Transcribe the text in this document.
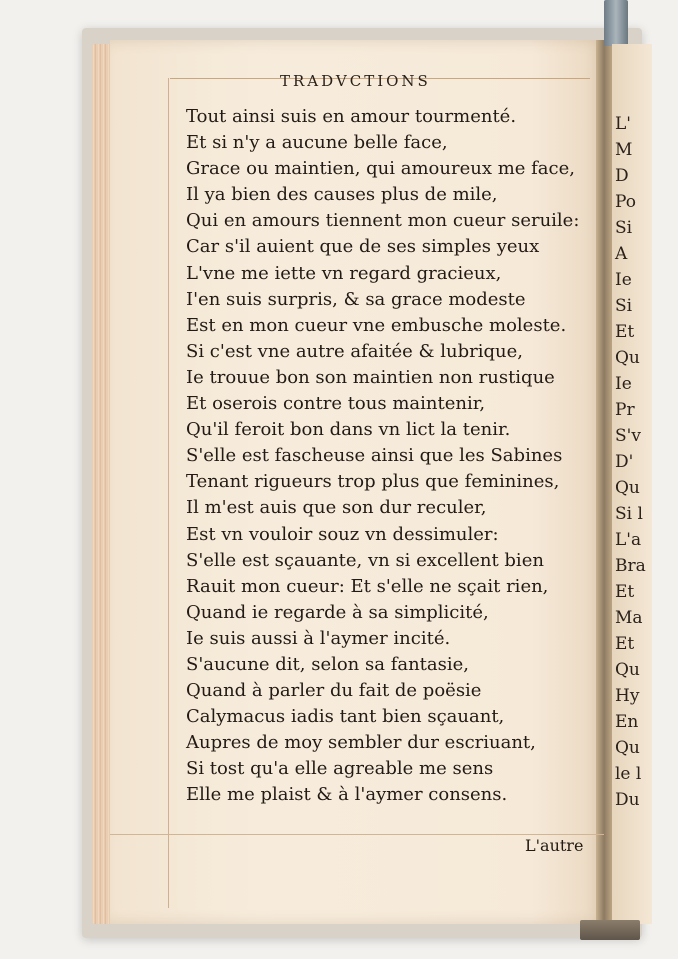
L'

M

D

Po

Si

A

Ie

Si

Et

Qu

Ie

Pr

S'v

D'

Qu

Si l

L'a

Bra

Et

Ma

Et

Qu

Hy

En

Qu

le l

Du

TRADVCTIONS

Tout ainsi suis en amour tourmenté.
Et si n'y a aucune belle face,
Grace ou maintien, qui amoureux me face,
Il ya bien des causes plus de mile,
Qui en amours tiennent mon cueur seruile:
Car s'il auient que de ses simples yeux
L'vne me iette vn regard gracieux,
I'en suis surpris, & sa grace modeste
Est en mon cueur vne embusche moleste.
Si c'est vne autre afaitée & lubrique,
Ie trouue bon son maintien non rustique
Et oserois contre tous maintenir,
Qu'il feroit bon dans vn lict la tenir.
S'elle est fascheuse ainsi que les Sabines
Tenant rigueurs trop plus que feminines,
Il m'est auis que son dur reculer,
Est vn vouloir souz vn dessimuler:
S'elle est sçauante, vn si excellent bien
Rauit mon cueur: Et s'elle ne sçait rien,
Quand ie regarde à sa simplicité,
Ie suis aussi à l'aymer incité.
S'aucune dit, selon sa fantasie,
Quand à parler du fait de poësie
Calymacus iadis tant bien sçauant,
Aupres de moy sembler dur escriuant,
Si tost qu'a elle agreable me sens
Elle me plaist & à l'aymer consens.

L'autre
